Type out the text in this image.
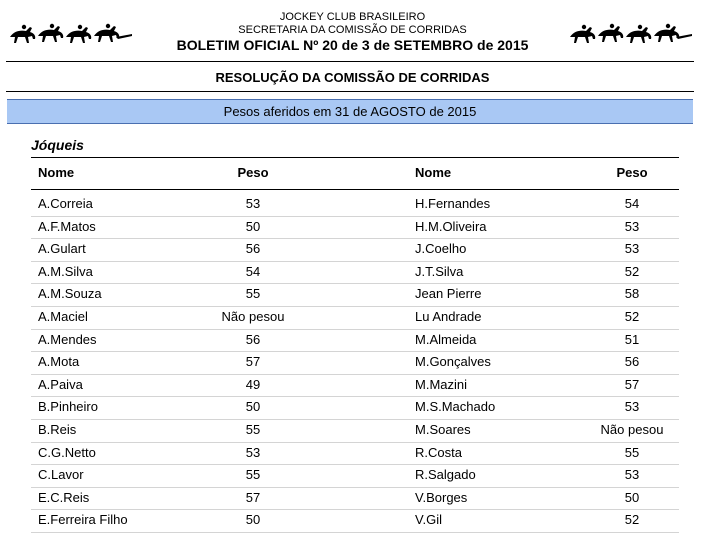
JOCKEY CLUB BRASILEIRO
SECRETARIA DA COMISSÃO DE CORRIDAS
BOLETIM OFICIAL Nº 20 de 3 de SETEMBRO de 2015
RESOLUÇÃO DA COMISSÃO DE CORRIDAS
Pesos aferidos em 31 de AGOSTO de 2015
Jóqueis
Nome	Peso	Nome	Peso
A.Correia	53	H.Fernandes	54
A.F.Matos	50	H.M.Oliveira	53
A.Gulart	56	J.Coelho	53
A.M.Silva	54	J.T.Silva	52
A.M.Souza	55	Jean Pierre	58
A.Maciel	Não pesou	Lu Andrade	52
A.Mendes	56	M.Almeida	51
A.Mota	57	M.Gonçalves	56
A.Paiva	49	M.Mazini	57
B.Pinheiro	50	M.S.Machado	53
B.Reis	55	M.Soares	Não pesou
C.G.Netto	53	R.Costa	55
C.Lavor	55	R.Salgado	53
E.C.Reis	57	V.Borges	50
E.Ferreira Filho	50	V.Gil	52
